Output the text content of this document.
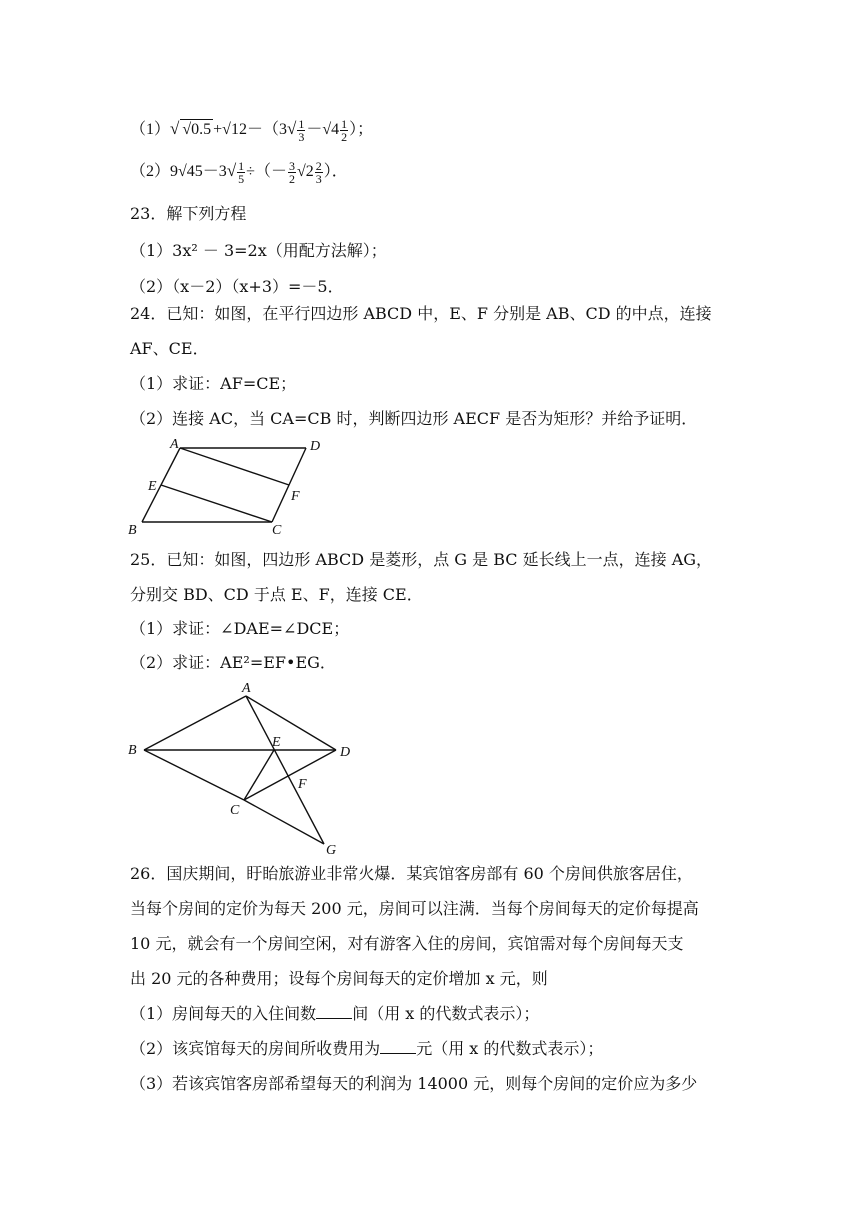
（1）√ $√0.5 +√12-(3√ \frac{1}{3} -√4 \frac{1}{2}$ ）；
$(2)9√45-3√ \frac{1}{5}$ ÷（－ $\frac{3}{2} √2 \frac{2}{3}$ ）．
23．解下列方程
（1）3x² － 3=2x（用配方法解）；
（2）（x－2）（x+3）=－5．
24．已知：如图，在平行四边形 ABCD 中，E、F 分别是 AB、CD 的中点，连接
AF、CE．
（1）求证：AF=CE；
（2）连接 AC，当 CA=CB 时，判断四边形 AECF 是否为矩形？并给予证明．
A	D
E
F
B	C
25．已知：如图，四边形 ABCD 是菱形，点 G 是 BC 延长线上一点，连接 AG，
分别交 BD、CD 于点 E、F，连接 CE．
（1）求证：∠DAE=∠DCE；
（2）求证：AE²=EF•EG．
A
B
E
D
F
C
G
26．国庆期间，盱眙旅游业非常火爆．某宾馆客房部有 60 个房间供旅客居住，
当每个房间的定价为每天 200 元，房间可以注满．当每个房间每天的定价每提高
10 元，就会有一个房间空闲，对有游客入住的房间，宾馆需对每个房间每天支
出 20 元的各种费用；设每个房间每天的定价增加 x 元，则
（1）房间每天的入住间数 间（用 x 的代数式表示）；
（2）该宾馆每天的房间所收费用为 元（用 x 的代数式表示）；
（3）若该宾馆客房部希望每天的利润为 14000 元，则每个房间的定价应为多少
